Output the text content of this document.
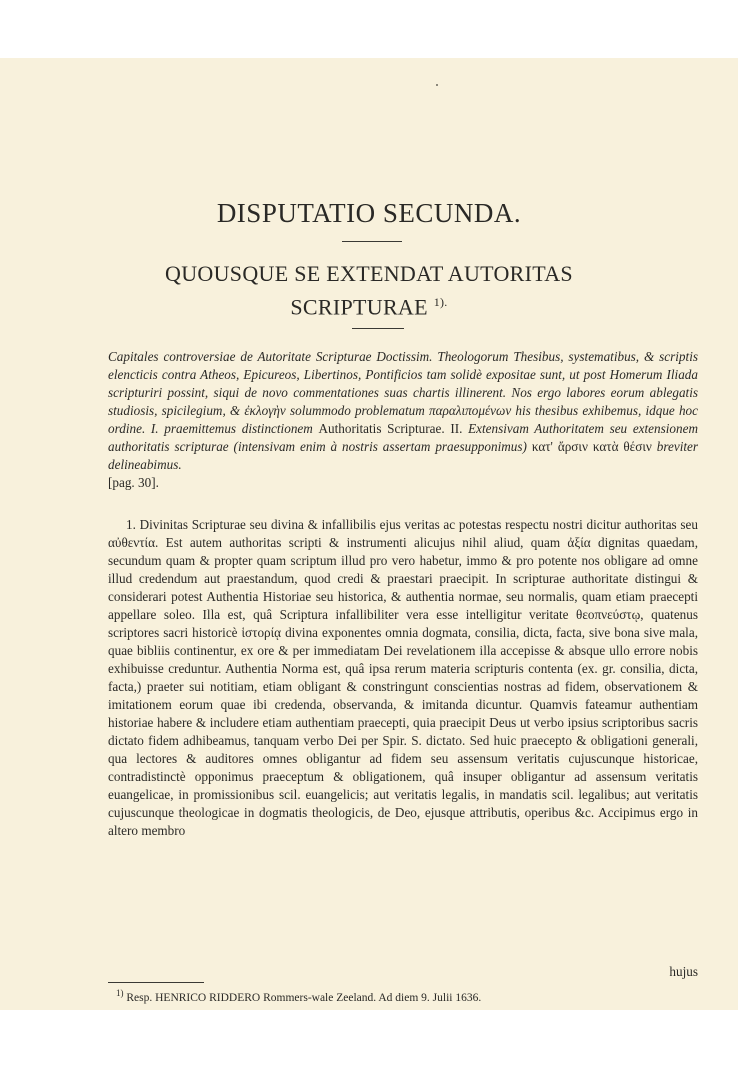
DISPUTATIO SECUNDA.
QUOUSQUE SE EXTENDAT AUTORITAS
SCRIPTURAE $^{1).}$
Capitales controversiae de Autoritate Scripturae Doctissim. Theologorum Thesibus, systematibus, & scriptis elencticis contra Atheos, Epicureos, Libertinos, Pontificios tam solidè expositae sunt, ut post Homerum Iliada scripturiri possint, siqui de novo commentationes suas chartis illinerent. Nos ergo labores eorum ablegatis studiosis, spicilegium, & ἐκλογὴν solummodo problematum παραλιπομένων his thesibus exhibemus, idque hoc ordine. I. praemittemus distinctionem Authoritatis Scripturae. II. Extensivam Authoritatem seu extensionem authoritatis scripturae (intensivam enim à nostris assertam praesupponimus) κατ' ἄρσιν κατὰ θέσιν breviter delineabimus.
[pag. 30].

1. Divinitas Scripturae seu divina & infallibilis ejus veritas ac potestas respectu nostri dicitur authoritas seu αὐθεντία. Est autem authoritas scripti & instrumenti alicujus nihil aliud, quam ἀξία dignitas quaedam, secundum quam & propter quam scriptum illud pro vero habetur, immo & pro potente nos obligare ad omne illud credendum aut praestandum, quod credi & praestari praecipit. In scripturae authoritate distingui & considerari potest Authentia Historiae seu historica, & authentia normae, seu normalis, quam etiam praecepti appellare soleo. Illa est, quâ Scriptura infallibiliter vera esse intelligitur veritate θεοπνεύστῳ, quatenus scriptores sacri historicè ἱστορίᾳ divina exponentes omnia dogmata, consilia, dicta, facta, sive bona sive mala, quae bibliis continentur, ex ore & per immediatam Dei revelationem illa accepisse & absque ullo errore nobis exhibuisse creduntur. Authentia Norma est, quâ ipsa rerum materia scripturis contenta (ex. gr. consilia, dicta, facta,) praeter sui notitiam, etiam obligant & constringunt conscientias nostras ad fidem, observationem & imitationem eorum quae ibi credenda, observanda, & imitanda dicuntur. Quamvis fateamur authentiam historiae habere & includere etiam authentiam praecepti, quia praecipit Deus ut verbo ipsius scriptoribus sacris dictato fidem adhibeamus, tanquam verbo Dei per Spir. S. dictato. Sed huic praecepto & obligationi generali, qua lectores & auditores omnes obligantur ad fidem seu assensum veritatis cujuscunque historicae, contradistinctè opponimus praeceptum & obligationem, quâ insuper obligantur ad assensum veritatis euangelicae, in promissionibus scil. euangelicis; aut veritatis legalis, in mandatis scil. legalibus; aut veritatis cujuscunque theologicae in dogmatis theologicis, de Deo, ejusque attributis, operibus &c. Accipimus ergo in altero membro

hujus
$^{1)}$ Resp. HENRICO RIDDERO Rommers-wale Zeeland. Ad diem 9. Julii 1636.
